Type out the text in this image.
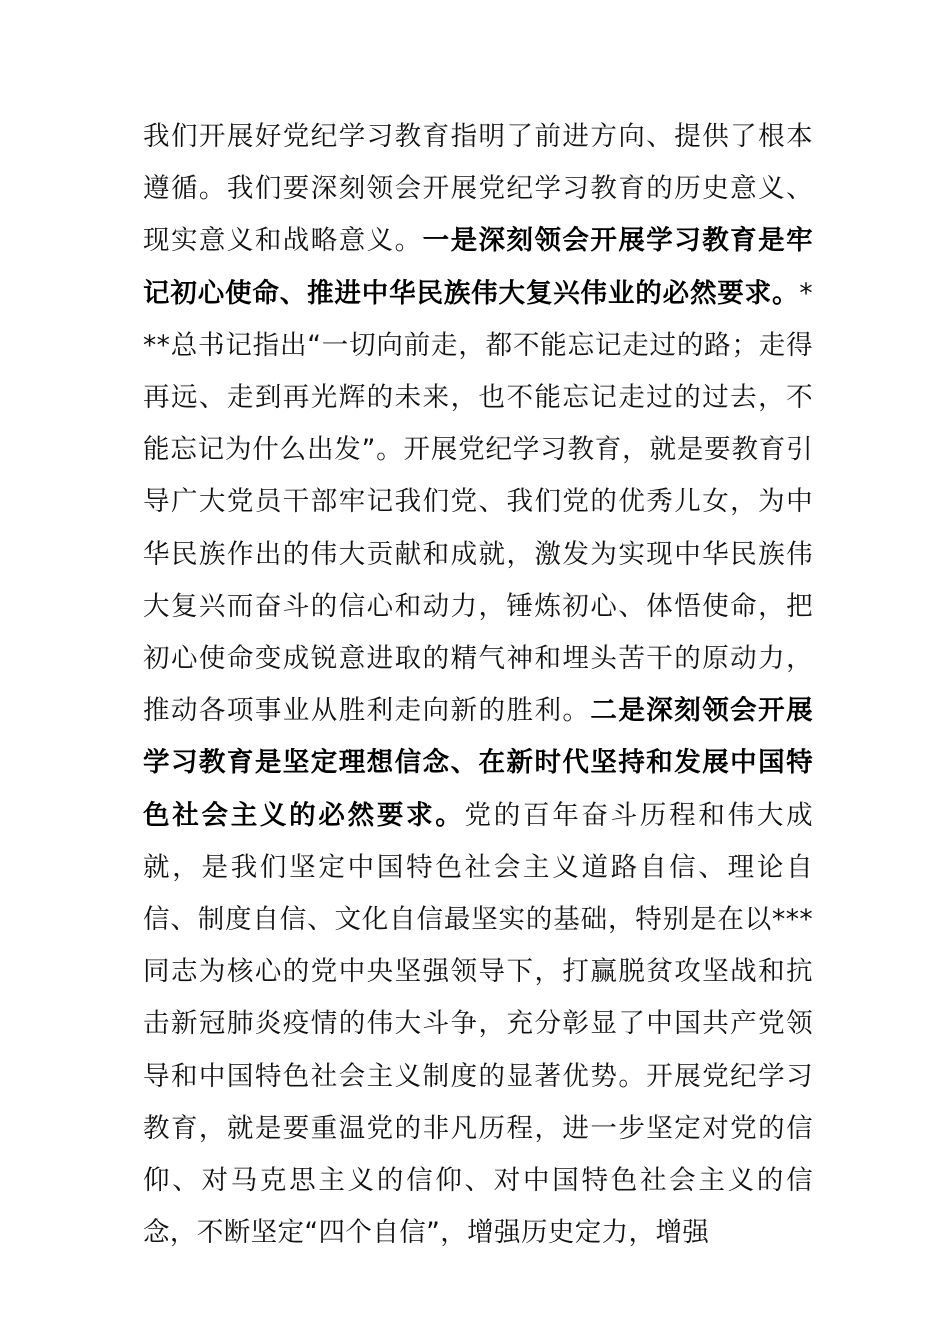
我们开展好党纪学习教育指明了前进方向、提供了根本遵循。我们要深刻领会开展党纪学习教育的历史意义、现实意义和战略意义。一是深刻领会开展学习教育是牢记初心使命、推进中华民族伟大复兴伟业的必然要求。***总书记指出“一切向前走，都不能忘记走过的路；走得再远、走到再光辉的未来，也不能忘记走过的过去，不能忘记为什么出发”。开展党纪学习教育，就是要教育引导广大党员干部牢记我们党、我们党的优秀儿女，为中华民族作出的伟大贡献和成就，激发为实现中华民族伟大复兴而奋斗的信心和动力，锤炼初心、体悟使命，把初心使命变成锐意进取的精气神和埋头苦干的原动力，推动各项事业从胜利走向新的胜利。二是深刻领会开展学习教育是坚定理想信念、在新时代坚持和发展中国特色社会主义的必然要求。党的百年奋斗历程和伟大成就，是我们坚定中国特色社会主义道路自信、理论自信、制度自信、文化自信最坚实的基础，特别是在以***同志为核心的党中央坚强领导下，打赢脱贫攻坚战和抗击新冠肺炎疫情的伟大斗争，充分彰显了中国共产党领导和中国特色社会主义制度的显著优势。开展党纪学习教育，就是要重温党的非凡历程，进一步坚定对党的信仰、对马克思主义的信仰、对中国特色社会主义的信念，不断坚定“四个自信”，增强历史定力，增强
